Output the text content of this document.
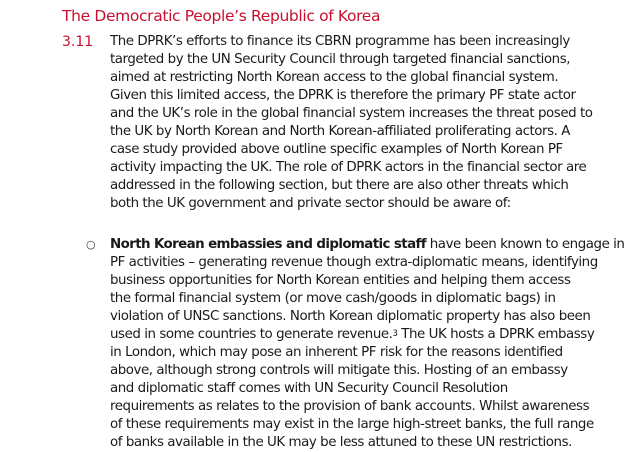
The Democratic People’s Republic of Korea
3.11 The DPRK’s efforts to finance its CBRN programme has been increasingly
targeted by the UN Security Council through targeted financial sanctions,
aimed at restricting North Korean access to the global financial system.
Given this limited access, the DPRK is therefore the primary PF state actor
and the UK’s role in the global financial system increases the threat posed to
the UK by North Korean and North Korean-affiliated proliferating actors. A
case study provided above outline specific examples of North Korean PF
activity impacting the UK. The role of DPRK actors in the financial sector are
addressed in the following section, but there are also other threats which
both the UK government and private sector should be aware of:
○ North Korean embassies and diplomatic staff have been known to engage in
PF activities – generating revenue though extra-diplomatic means, identifying
business opportunities for North Korean entities and helping them access
the formal financial system (or move cash/goods in diplomatic bags) in
violation of UNSC sanctions. North Korean diplomatic property has also been
used in some countries to generate revenue.$^3$ The UK hosts a DPRK embassy
in London, which may pose an inherent PF risk for the reasons identified
above, although strong controls will mitigate this. Hosting of an embassy
and diplomatic staff comes with UN Security Council Resolution
requirements as relates to the provision of bank accounts. Whilst awareness
of these requirements may exist in the large high-street banks, the full range
of banks available in the UK may be less attuned to these UN restrictions.
